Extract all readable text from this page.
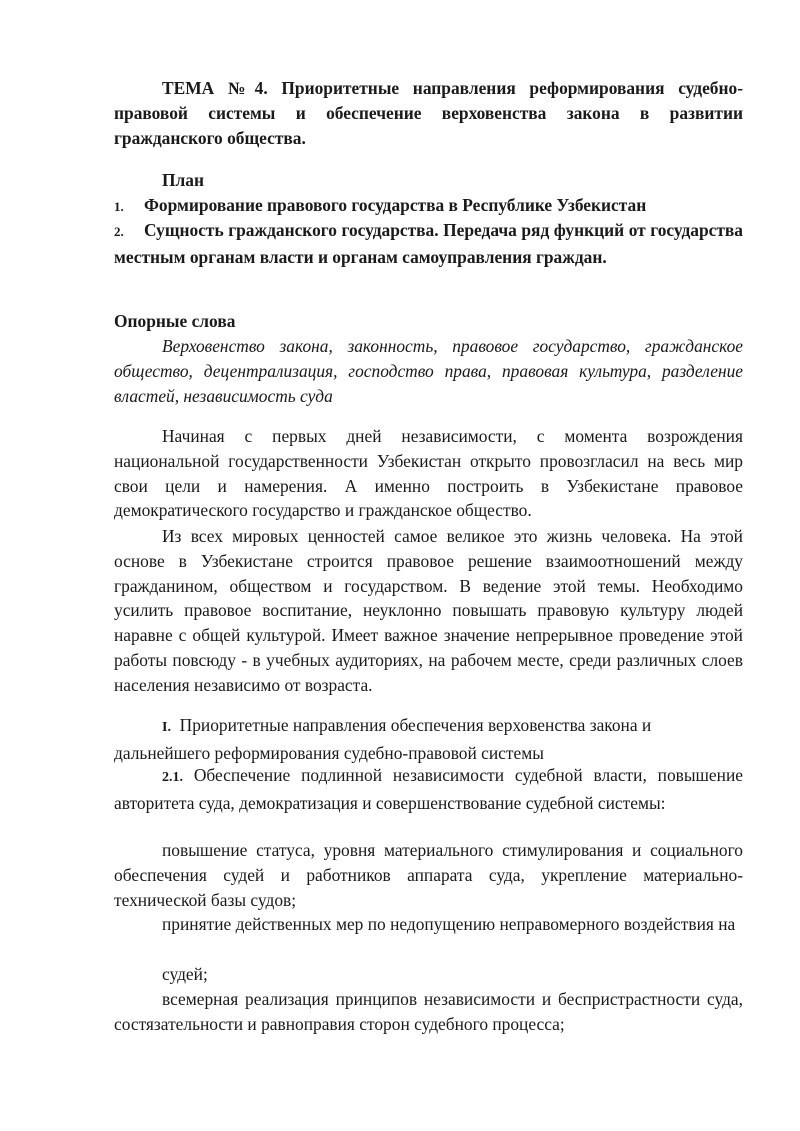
ТЕМА №4. Приоритетные направления реформирования судебно-правовой системы и обеспечение верховенства закона в развитии гражданского общества.

План

1. Формирование правового государства в Республике Узбекистан

2. Сущность гражданского государства. Передача ряд функций от государства местным органам власти и органам самоуправления граждан.

Опорные слова

Верховенство закона, законность, правовое государство, гражданское общество, децентрализация, господство права, правовая культура, разделение властей, независимость суда

Начиная с первых дней независимости, с момента возрождения национальной государственности Узбекистан открыто провозгласил на весь мир свои цели и намерения. А именно построить в Узбекистане правовое демократического государство и гражданское общество.

Из всех мировых ценностей самое великое это жизнь человека. На этой основе в Узбекистане строится правовое решение взаимоотношений между гражданином, обществом и государством. В ведение этой темы. Необходимо усилить правовое воспитание, неуклонно повышать правовую культуру людей наравне с общей культурой. Имеет важное значение непрерывное проведение этой работы повсюду - в учебных аудиториях, на рабочем месте, среди различных слоев населения независимо от возраста.

I. Приоритетные направления обеспечения верховенства закона и дальнейшего реформирования судебно-правовой системы

2.1. Обеспечение подлинной независимости судебной власти, повышение авторитета суда, демократизация и совершенствование судебной системы:

повышение статуса, уровня материального стимулирования и социального обеспечения судей и работников аппарата суда, укрепление материально-технической базы судов;

принятие действенных мер по недопущению неправомерного воздействия на

судей;

всемерная реализация принципов независимости и беспристрастности суда, состязательности и равноправия сторон судебного процесса;
